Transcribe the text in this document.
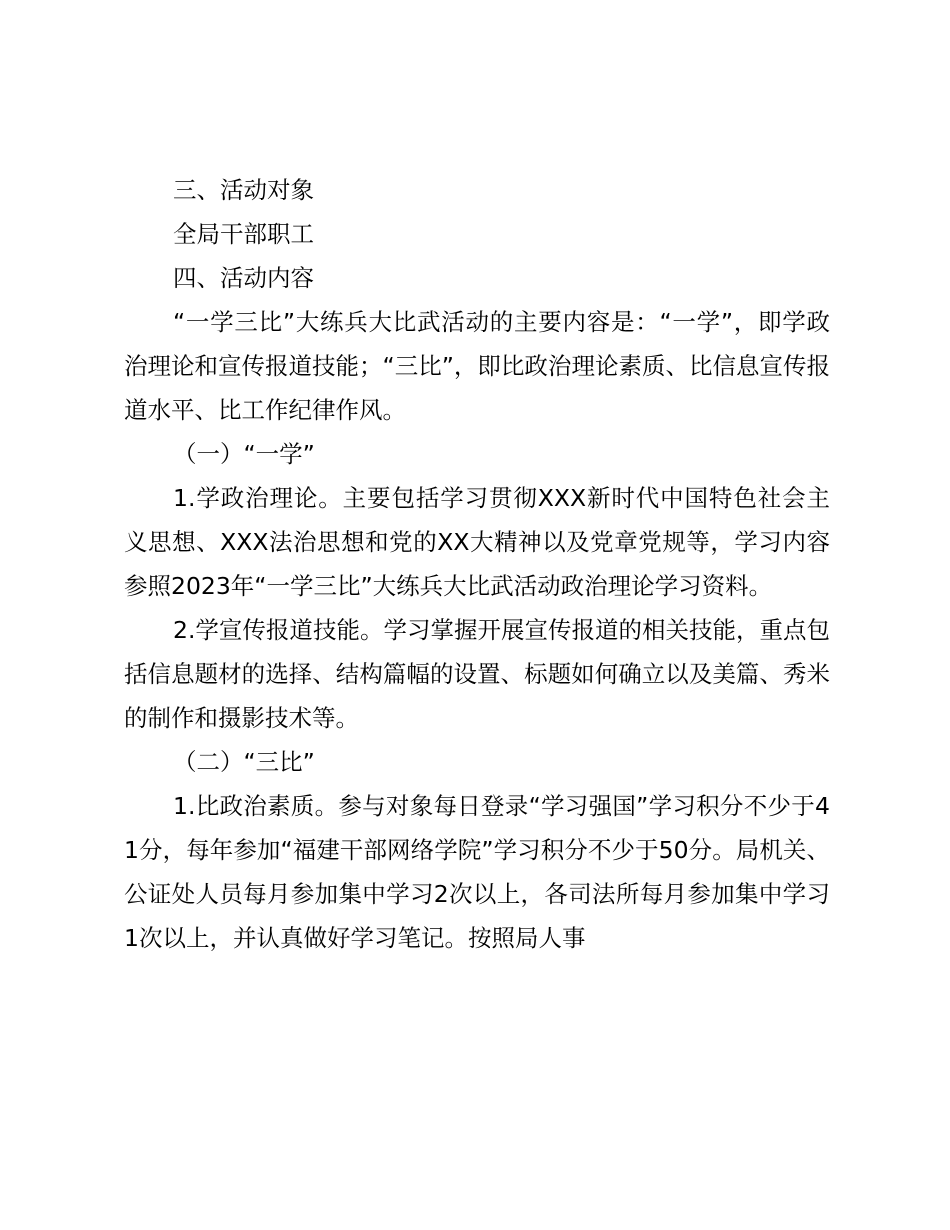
三、活动对象

全局干部职工

四、活动内容

“一学三比”大练兵大比武活动的主要内容是：“一学”，即学政治理论和宣传报道技能；“三比”，即比政治理论素质、比信息宣传报道水平、比工作纪律作风。

（一）“一学”

1.学政治理论。主要包括学习贯彻XXX新时代中国特色社会主义思想、XXX法治思想和党的XX大精神以及党章党规等，学习内容参照2023年“一学三比”大练兵大比武活动政治理论学习资料。

2.学宣传报道技能。学习掌握开展宣传报道的相关技能，重点包括信息题材的选择、结构篇幅的设置、标题如何确立以及美篇、秀米的制作和摄影技术等。

（二）“三比”

1.比政治素质。参与对象每日登录“学习强国”学习积分不少于41分，每年参加“福建干部网络学院”学习积分不少于50分。局机关、公证处人员每月参加集中学习2次以上，各司法所每月参加集中学习1次以上，并认真做好学习笔记。按照局人事
